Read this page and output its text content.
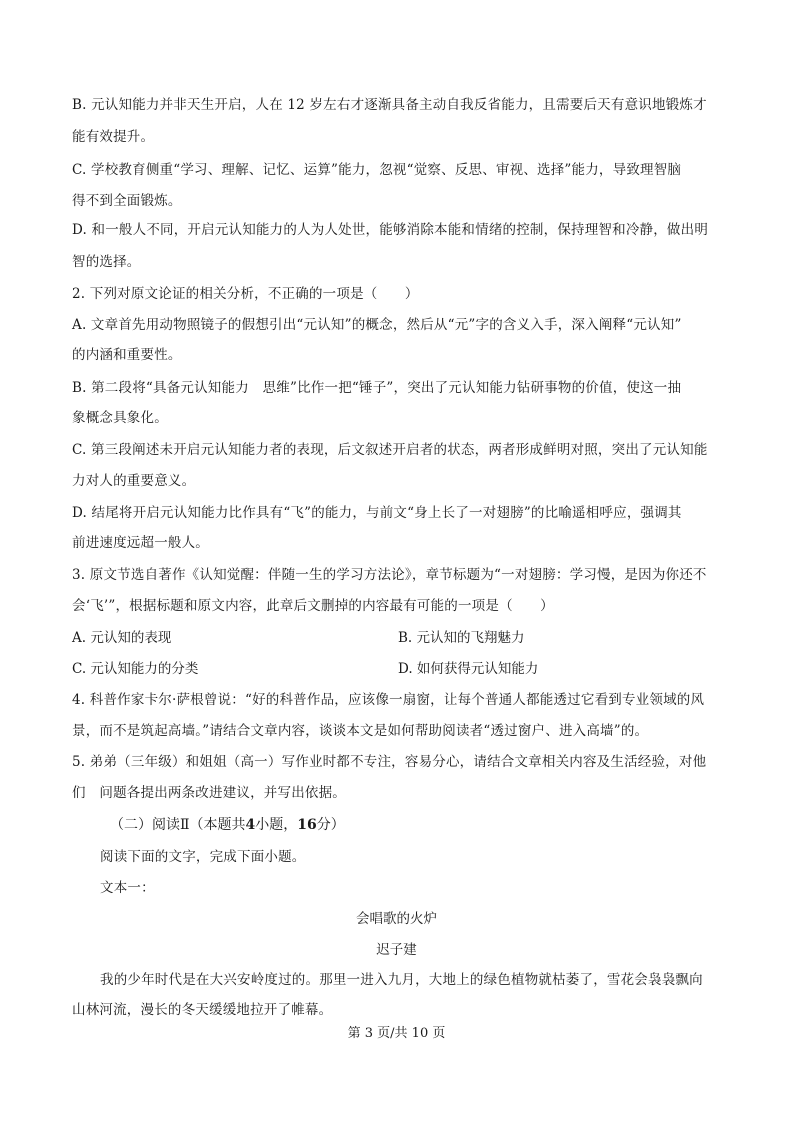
B. 元认知能力并非天生开启，人在 12 岁左右才逐渐具备主动自我反省能力，且需要后天有意识地锻炼才
能有效提升。
C. 学校教育侧重“学习、理解、记忆、运算”能力，忽视“觉察、反思、审视、选择”能力，导致理智脑
得不到全面锻炼。
D. 和一般人不同，开启元认知能力的人为人处世，能够消除本能和情绪的控制，保持理智和冷静，做出明
智的选择。
2. 下列对原文论证的相关分析，不正确的一项是（　　）
A. 文章首先用动物照镜子的假想引出“元认知”的概念，然后从“元”字的含义入手，深入阐释“元认知”
的内涵和重要性。
B. 第二段将“具备元认知能力　思维”比作一把“锤子”，突出了元认知能力钻研事物的价值，使这一抽
象概念具象化。
C. 第三段阐述未开启元认知能力者的表现，后文叙述开启者的状态，两者形成鲜明对照，突出了元认知能
力对人的重要意义。
D. 结尾将开启元认知能力比作具有“飞”的能力，与前文“身上长了一对翅膀”的比喻遥相呼应，强调其
前进速度远超一般人。
3. 原文节选自著作《认知觉醒：伴随一生的学习方法论》，章节标题为“一对翅膀：学习慢，是因为你还不
会‘飞’”，根据标题和原文内容，此章后文删掉的内容最有可能的一项是（　　）
A. 元认知的表现	B. 元认知的飞翔魅力
C. 元认知能力的分类	D. 如何获得元认知能力
4. 科普作家卡尔·萨根曾说：“好的科普作品，应该像一扇窗，让每个普通人都能透过它看到专业领域的风
景，而不是筑起高墙。”请结合文章内容，谈谈本文是如何帮助阅读者“透过窗户、进入高墙”的。
5. 弟弟（三年级）和姐姐（高一）写作业时都不专注，容易分心，请结合文章相关内容及生活经验，对他
们　问题各提出两条改进建议，并写出依据。
（二）阅读Ⅱ（本题共4小题，16分）
阅读下面的文字，完成下面小题。
文本一：
会唱歌的火炉
迟子建
我的少年时代是在大兴安岭度过的。那里一进入九月，大地上的绿色植物就枯萎了，雪花会袅袅飘向
山林河流，漫长的冬天缓缓地拉开了帷幕。
第 3 页/共 10 页
